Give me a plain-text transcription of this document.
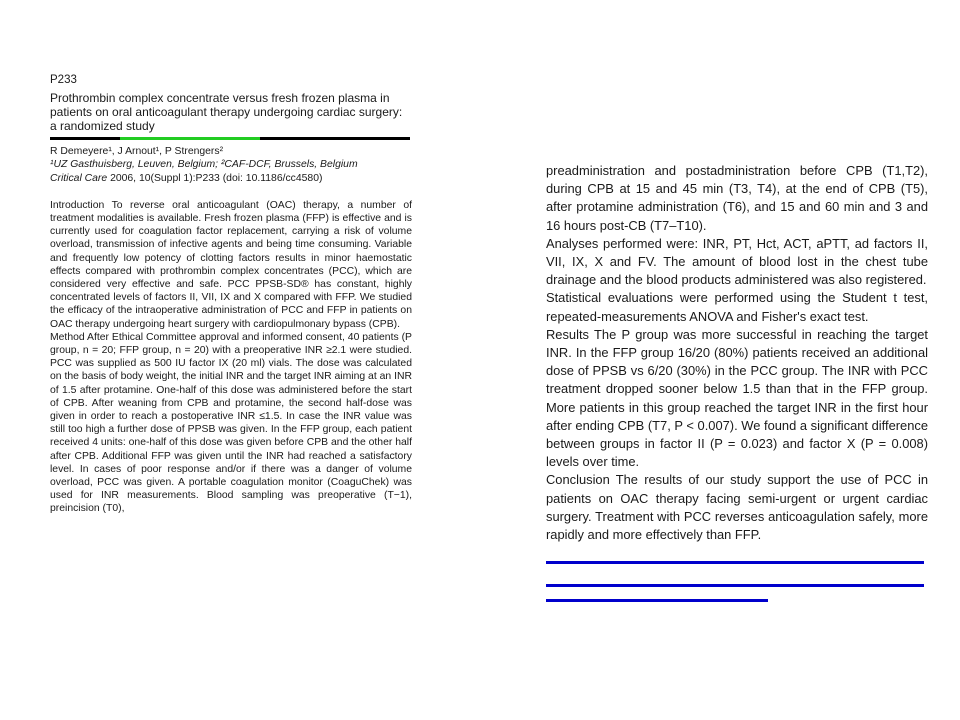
P233
Prothrombin complex concentrate versus fresh frozen plasma in patients on oral anticoagulant therapy undergoing cardiac surgery: a randomized study
R Demeyere¹, J Arnout¹, P Strengers²
¹UZ Gasthuisberg, Leuven, Belgium; ²CAF-DCF, Brussels, Belgium
Critical Care 2006, 10(Suppl 1):P233 (doi: 10.1186/cc4580)

Introduction To reverse oral anticoagulant (OAC) therapy, a number of treatment modalities is available. Fresh frozen plasma (FFP) is effective and is currently used for coagulation factor replacement, carrying a risk of volume overload, transmission of infective agents and being time consuming. Variable and frequently low potency of clotting factors results in minor haemostatic effects compared with prothrombin complex concentrates (PCC), which are considered very effective and safe. PCC PPSB-SD® has constant, highly concentrated levels of factors II, VII, IX and X compared with FFP. We studied the efficacy of the intraoperative administration of PCC and FFP in patients on OAC therapy undergoing heart surgery with cardiopulmonary bypass (CPB).

Method After Ethical Committee approval and informed consent, 40 patients (P group, n = 20; FFP group, n = 20) with a preoperative INR ≥2.1 were studied. PCC was supplied as 500 IU factor IX (20 ml) vials. The dose was calculated on the basis of body weight, the initial INR and the target INR aiming at an INR of 1.5 after protamine. One-half of this dose was administered before the start of CPB. After weaning from CPB and protamine, the second half-dose was given in order to reach a postoperative INR ≤1.5. In case the INR value was still too high a further dose of PPSB was given. In the FFP group, each patient received 4 units: one-half of this dose was given before CPB and the other half after CPB. Additional FFP was given until the INR had reached a satisfactory level. In cases of poor response and/or if there was a danger of volume overload, PCC was given. A portable coagulation monitor (CoaguChek) was used for INR measurements. Blood sampling was preoperative (T−1), preincision (T0),

preadministration and postadministration before CPB (T1,T2), during CPB at 15 and 45 min (T3, T4), at the end of CPB (T5), after protamine administration (T6), and 15 and 60 min and 3 and 16 hours post-CB (T7–T10).

Analyses performed were: INR, PT, Hct, ACT, aPTT, ad factors II, VII, IX, X and FV. The amount of blood lost in the chest tube drainage and the blood products administered was also registered.

Statistical evaluations were performed using the Student t test, repeated-measurements ANOVA and Fisher's exact test.

Results The P group was more successful in reaching the target INR. In the FFP group 16/20 (80%) patients received an additional dose of PPSB vs 6/20 (30%) in the PCC group. The INR with PCC treatment dropped sooner below 1.5 than that in the FFP group. More patients in this group reached the target INR in the first hour after ending CPB (T7, P < 0.007). We found a significant difference between groups in factor II (P = 0.023) and factor X (P = 0.008) levels over time.

Conclusion The results of our study support the use of PCC in patients on OAC therapy facing semi-urgent or urgent cardiac surgery. Treatment with PCC reverses anticoagulation safely, more rapidly and more effectively than FFP.
